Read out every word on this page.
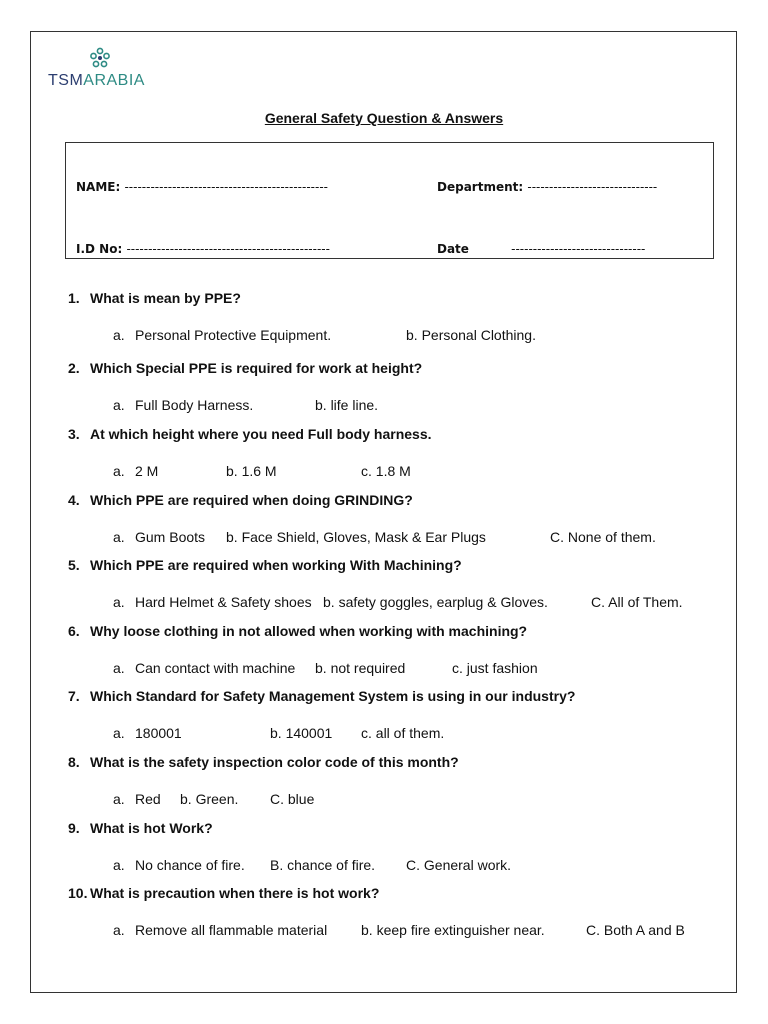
TSMARABIA
General Safety Question & Answers
NAME: -----------------------------------------------	Department: ------------------------------
I.D No: -----------------------------------------------	Date	-------------------------------
1. What is mean by PPE?
a. Personal Protective Equipment.	b. Personal Clothing.
2. Which Special PPE is required for work at height?
a. Full Body Harness.	b. life line.
3. At which height where you need Full body harness.
a. 2 M	b. 1.6 M	c. 1.8 M
4. Which PPE are required when doing GRINDING?
a. Gum Boots b. Face Shield, Gloves, Mask & Ear Plugs	C. None of them.
5. Which PPE are required when working With Machining?
a. Hard Helmet & Safety shoes b. safety goggles, earplug & Gloves.	C. All of Them.
6. Why loose clothing in not allowed when working with machining?
a. Can contact with machine b. not required	c. just fashion
7. Which Standard for Safety Management System is using in our industry?
a. 180001	b. 140001 c. all of them.
8. What is the safety inspection color code of this month?
a. Red b. Green. C. blue
9. What is hot Work?
a. No chance of fire. B. chance of fire. C. General work.
10. What is precaution when there is hot work?
a. Remove all flammable material b. keep fire extinguisher near.	C. Both A and B
